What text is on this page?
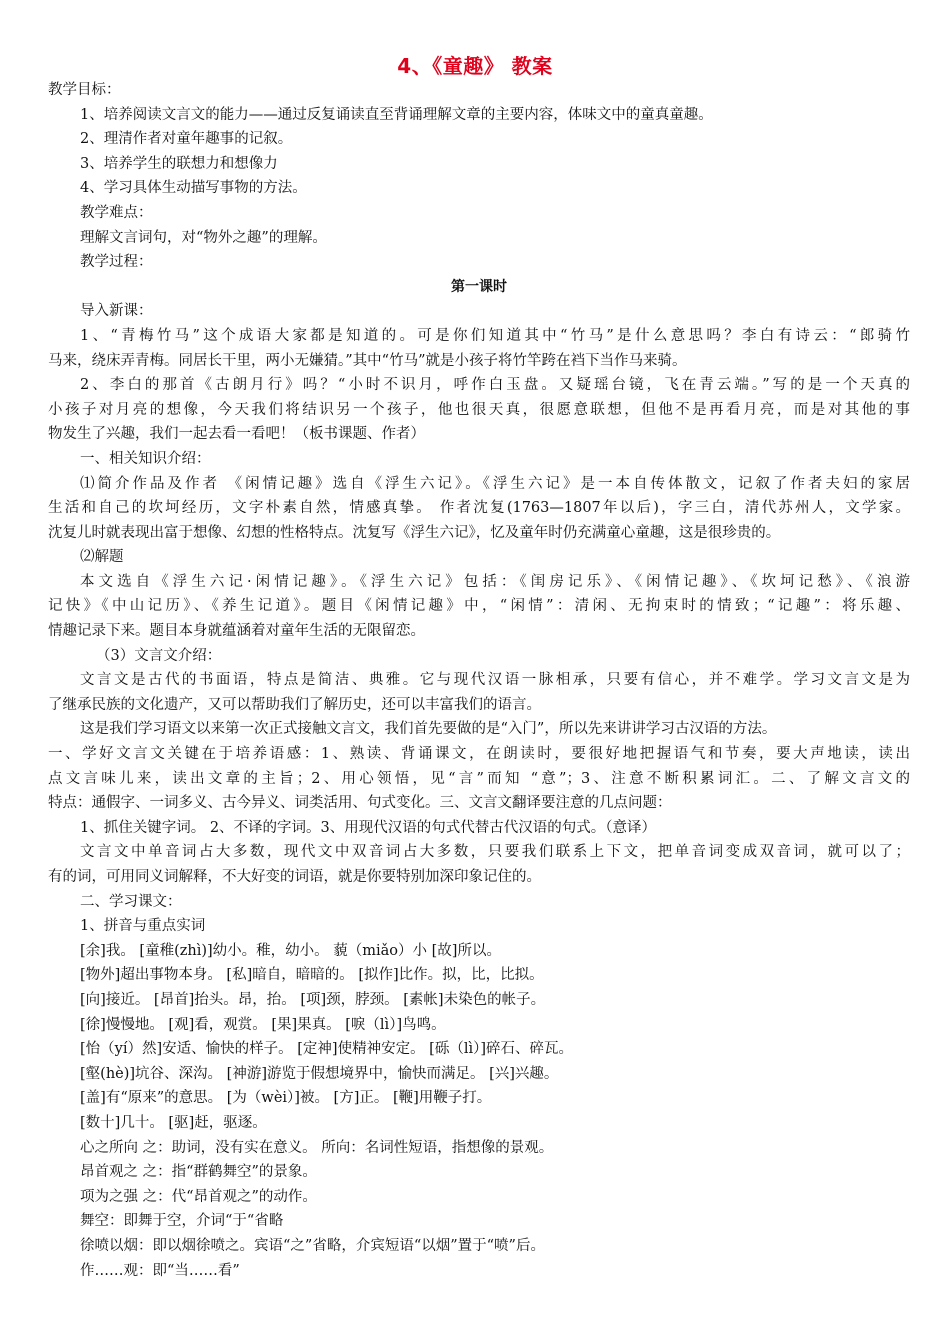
4、《童趣》 教案
教学目标：
1、培养阅读文言文的能力——通过反复诵读直至背诵理解文章的主要内容，体味文中的童真童趣。
2、理清作者对童年趣事的记叙。
3、培养学生的联想力和想像力
4、学习具体生动描写事物的方法。
教学难点：
理解文言词句，对“物外之趣”的理解。
教学过程：
第一课时
导入新课：
1、“青梅竹马”这个成语大家都是知道的。可是你们知道其中“竹马”是什么意思吗？李白有诗云：“郎骑竹
马来，绕床弄青梅。同居长干里，两小无嫌猜。”其中“竹马”就是小孩子将竹竿跨在裆下当作马来骑。
2、李白的那首《古朗月行》吗？“小时不识月，呼作白玉盘。又疑瑶台镜，飞在青云端。”写的是一个天真的
小孩子对月亮的想像，今天我们将结识另一个孩子，他也很天真，很愿意联想，但他不是再看月亮，而是对其他的事
物发生了兴趣，我们一起去看一看吧！（板书课题、作者）
一、相关知识介绍：
⑴简介作品及作者 《闲情记趣》选自《浮生六记》。《浮生六记》是一本自传体散文，记叙了作者夫妇的家居
生活和自己的坎坷经历，文字朴素自然，情感真挚。 作者沈复(1763—1807年以后)，字三白，清代苏州人，文学家。
沈复儿时就表现出富于想像、幻想的性格特点。沈复写《浮生六记》，忆及童年时仍充满童心童趣，这是很珍贵的。
⑵解题
本文选自《浮生六记·闲情记趣》。《浮生六记》包括：《闺房记乐》、《闲情记趣》、《坎坷记愁》、《浪游
记快》《中山记历》、《养生记道》。题目《闲情记趣》中，“闲情”：清闲、无拘束时的情致；“记趣”：将乐趣、
情趣记录下来。题目本身就蕴涵着对童年生活的无限留恋。
（3）文言文介绍：
文言文是古代的书面语，特点是简洁、典雅。它与现代汉语一脉相承，只要有信心，并不难学。学习文言文是为
了继承民族的文化遗产，又可以帮助我们了解历史，还可以丰富我们的语言。
这是我们学习语文以来第一次正式接触文言文，我们首先要做的是“入门”，所以先来讲讲学习古汉语的方法。
一、学好文言文关键在于培养语感：1、熟读、背诵课文，在朗读时，要很好地把握语气和节奏，要大声地读，读出
点文言味儿来，读出文章的主旨；2、用心领悟，见“言”而知 “意”；3、注意不断积累词汇。二、了解文言文的
特点：通假字、一词多义、古今异义、词类活用、句式变化。三、文言文翻译要注意的几点问题：
1、抓住关键字词。 2、不译的字词。3、用现代汉语的句式代替古代汉语的句式。（意译）
文言文中单音词占大多数，现代文中双音词占大多数，只要我们联系上下文，把单音词变成双音词，就可以了；
有的词，可用同义词解释，不大好变的词语，就是你要特别加深印象记住的。
二、学习课文：
1、拼音与重点实词
[余]我。 [童稚(zhì)]幼小。稚，幼小。 藐（miǎo）小 [故]所以。
[物外]超出事物本身。 [私]暗自，暗暗的。 [拟作]比作。拟，比，比拟。
[向]接近。 [昂首]抬头。昂，抬。 [项]颈，脖颈。 [素帐]未染色的帐子。
[徐]慢慢地。 [观]看，观赏。 [果]果真。 [唳（lì）]鸟鸣。
[怡（yí）然]安适、愉快的样子。 [定神]使精神安定。 [砾（lì）]碎石、碎瓦。
[壑(hè)]坑谷、深沟。 [神游]游览于假想境界中，愉快而满足。 [兴]兴趣。
[盖]有“原来”的意思。 [为（wèi）]被。 [方]正。 [鞭]用鞭子打。
[数十]几十。 [驱]赶，驱逐。
心之所向 之：助词，没有实在意义。 所向：名词性短语，指想像的景观。
昂首观之 之：指“群鹤舞空”的景象。
项为之强 之：代“昂首观之”的动作。
舞空：即舞于空，介词“于“省略
徐喷以烟：即以烟徐喷之。宾语“之”省略，介宾短语“以烟”置于“喷”后。
作……观：即“当……看”
